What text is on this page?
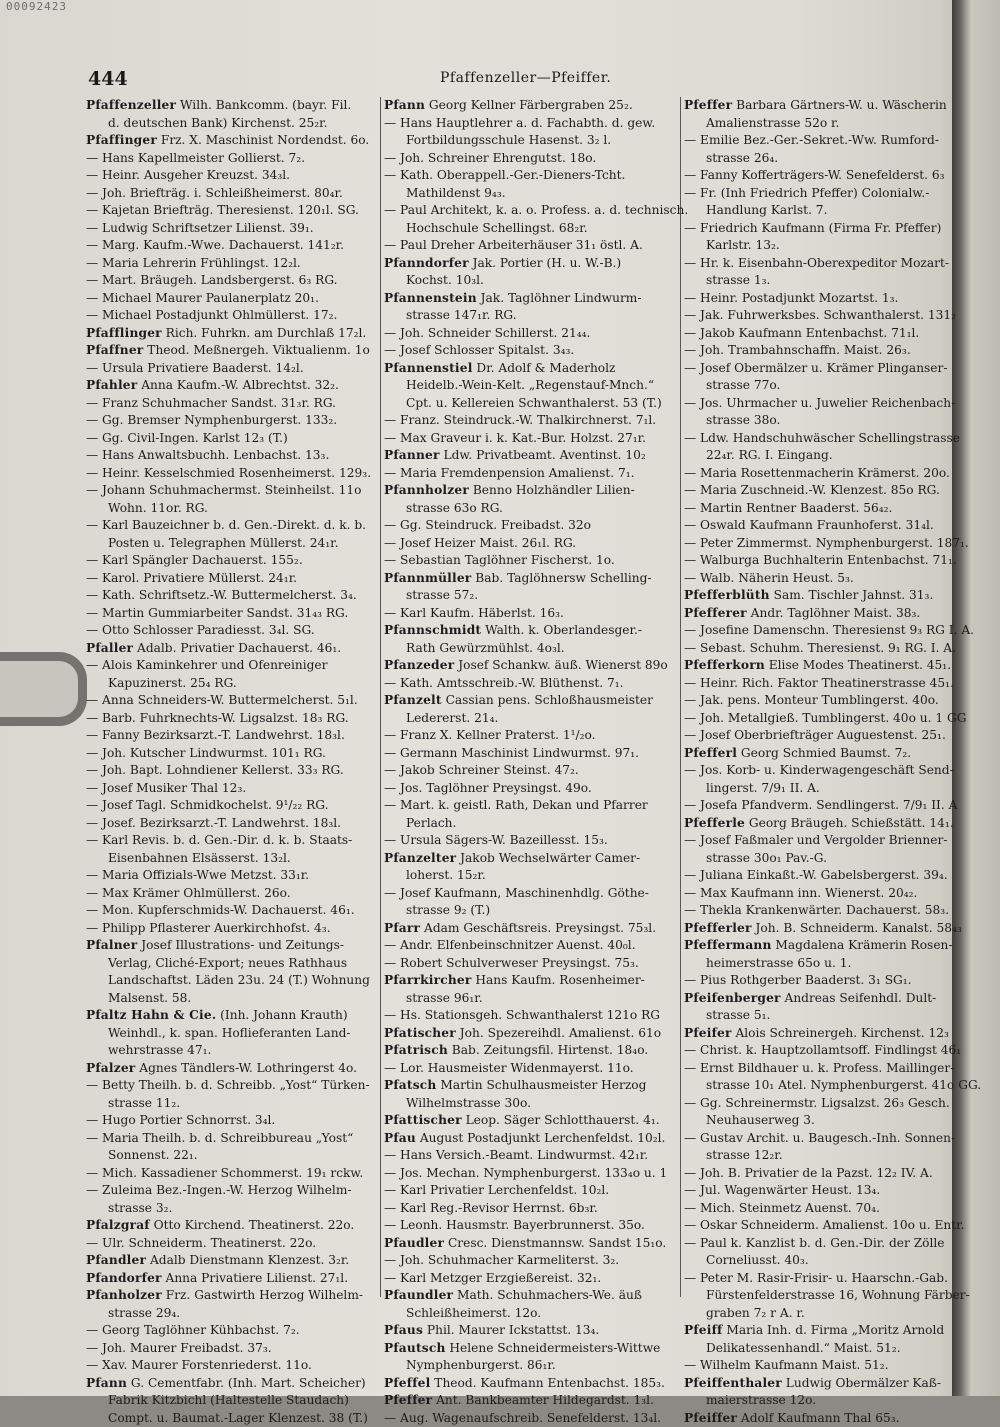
00092423
444	Pfaffenzeller—Pfeiffer.

Pfaffenzeller Wilh. Bankcomm. (bayr. Fil.

d. deutschen Bank) Kirchenst. 25₂r.

Pfaffinger Frz. X. Maschinist Nordendst. 6o.

— Hans Kapellmeister Gollierst. 7₂.

— Heinr. Ausgeher Kreuzst. 34₃l.

— Joh. Briefträg. i. Schleißheimerst. 80₄r.

— Kajetan Briefträg. Theresienst. 120₁l. SG.

— Ludwig Schriftsetzer Lilienst. 39₁.

— Marg. Kaufm.-Wwe. Dachauerst. 141₂r.

— Maria Lehrerin Frühlingst. 12₂l.

— Mart. Bräugeh. Landsbergerst. 6₃ RG.

— Michael Maurer Paulanerplatz 20₁.

— Michael Postadjunkt Ohlmüllerst. 17₂.

Pfafflinger Rich. Fuhrkn. am Durchlaß 17₂l.

Pfaffner Theod. Meßnergeh. Viktualienm. 1o

— Ursula Privatiere Baaderst. 14₂l.

Pfahler Anna Kaufm.-W. Albrechtst. 32₂.

— Franz Schuhmacher Sandst. 31₃r. RG.

— Gg. Bremser Nymphenburgerst. 133₂.

— Gg. Civil-Ingen. Karlst 12₃ (T.)

— Hans Anwaltsbuchh. Lenbachst. 13₃.

— Heinr. Kesselschmied Rosenheimerst. 129₃.

— Johann Schuhmachermst. Steinheilst. 11o

Wohn. 11or. RG.

— Karl Bauzeichner b. d. Gen.-Direkt. d. k. b.

Posten u. Telegraphen Müllerst. 24₁r.

— Karl Spängler Dachauerst. 155₂.

— Karol. Privatiere Müllerst. 24₁r.

— Kath. Schriftsetz.-W. Buttermelcherst. 3₄.

— Martin Gummiarbeiter Sandst. 31₄₃ RG.

— Otto Schlosser Paradiesst. 3₄l. SG.

Pfaller Adalb. Privatier Dachauerst. 46₁.

— Alois Kaminkehrer und Ofenreiniger

Kapuzinerst. 25₄ RG.

— Anna Schneiders-W. Buttermelcherst. 5₁l.

— Barb. Fuhrknechts-W. Ligsalzst. 18₃ RG.

— Fanny Bezirksarzt.-T. Landwehrst. 18₃l.

— Joh. Kutscher Lindwurmst. 101₁ RG.

— Joh. Bapt. Lohndiener Kellerst. 33₃ RG.

— Josef Musiker Thal 12₃.

— Josef Tagl. Schmidkochelst. 9¹/₂₂ RG.

— Josef. Bezirksarzt.-T. Landwehrst. 18₃l.

— Karl Revis. b. d. Gen.-Dir. d. k. b. Staats-

Eisenbahnen Elsässerst. 13₂l.

— Maria Offizials-Wwe Metzst. 33₁r.

— Max Krämer Ohlmüllerst. 26o.

— Mon. Kupferschmids-W. Dachauerst. 46₁.

— Philipp Pflasterer Auerkirchhofst. 4₃.

Pfalner Josef Illustrations- und Zeitungs-

Verlag, Cliché-Export; neues Rathhaus

Landschaftst. Läden 23u. 24 (T.) Wohnung

Malsenst. 58.

Pfaltz Hahn & Cie. (Inh. Johann Krauth)

Weinhdl., k. span. Hoflieferanten Land-

wehrstrasse 47₁.

Pfalzer Agnes Tändlers-W. Lothringerst 4o.

— Betty Theilh. b. d. Schreibb. „Yost“ Türken-

strasse 11₂.

— Hugo Portier Schnorrst. 3₄l.

— Maria Theilh. b. d. Schreibbureau „Yost“

Sonnenst. 22₁.

— Mich. Kassadiener Schommerst. 19₁ rckw.

— Zuleima Bez.-Ingen.-W. Herzog Wilhelm-

strasse 3₂.

Pfalzgraf Otto Kirchend. Theatinerst. 22o.

— Ulr. Schneiderm. Theatinerst. 22o.

Pfandler Adalb Dienstmann Klenzest. 3₂r.

Pfandorfer Anna Privatiere Lilienst. 27₁l.

Pfanholzer Frz. Gastwirth Herzog Wilhelm-

strasse 29₄.

— Georg Taglöhner Kühbachst. 7₂.

— Joh. Maurer Freibadst. 37₃.

— Xav. Maurer Forstenriederst. 11o.

Pfann G. Cementfabr. (Inh. Mart. Scheicher)

Fabrik Kitzbichl (Haltestelle Staudach)

Compt. u. Baumat.-Lager Klenzest. 38 (T.)

Pfann Georg Kellner Färbergraben 25₂.

— Hans Hauptlehrer a. d. Fachabth. d. gew.

Fortbildungsschule Hasenst. 3₂ l.

— Joh. Schreiner Ehrengutst. 18o.

— Kath. Oberappell.-Ger.-Dieners-Tcht.

Mathildenst 9₄₃.

— Paul Architekt, k. a. o. Profess. a. d. technisch.

Hochschule Schellingst. 68₂r.

— Paul Dreher Arbeiterhäuser 31₁ östl. A.

Pfanndorfer Jak. Portier (H. u. W.-B.)

Kochst. 10₃l.

Pfannenstein Jak. Taglöhner Lindwurm-

strasse 147₁r. RG.

— Joh. Schneider Schillerst. 21₄₄.

— Josef Schlosser Spitalst. 3₄₃.

Pfannenstiel Dr. Adolf & Maderholz

Heidelb.-Wein-Kelt. „Regenstauf-Mnch.“

Cpt. u. Kellereien Schwanthalerst. 53 (T.)

— Franz. Steindruck.-W. Thalkirchnerst. 7₁l.

— Max Graveur i. k. Kat.-Bur. Holzst. 27₁r.

Pfanner Ldw. Privatbeamt. Aventinst. 10₂

— Maria Fremdenpension Amalienst. 7₁.

Pfannholzer Benno Holzhändler Lilien-

strasse 63o RG.

— Gg. Steindruck. Freibadst. 32o

— Josef Heizer Maist. 26₁l. RG.

— Sebastian Taglöhner Fischerst. 1o.

Pfannmüller Bab. Taglöhnersw Schelling-

strasse 57₂.

— Karl Kaufm. Häberlst. 16₃.

Pfannschmidt Walth. k. Oberlandesger.-

Rath Gewürzmühlst. 4o₃l.

Pfanzeder Josef Schankw. äuß. Wienerst 89o

— Kath. Amtsschreib.-W. Blüthenst. 7₁.

Pfanzelt Cassian pens. Schloßhausmeister

Ledererst. 21₄.

— Franz X. Kellner Praterst. 1¹/₂o.

— Germann Maschinist Lindwurmst. 97₁.

— Jakob Schreiner Steinst. 47₂.

— Jos. Taglöhner Preysingst. 49o.

— Mart. k. geistl. Rath, Dekan und Pfarrer

Perlach.

— Ursula Sägers-W. Bazeillesst. 15₃.

Pfanzelter Jakob Wechselwärter Camer-

loherst. 15₂r.

— Josef Kaufmann, Maschinenhdlg. Göthe-

strasse 9₂ (T.)

Pfarr Adam Geschäftsreis. Preysingst. 75₃l.

— Andr. Elfenbeinschnitzer Auenst. 40₀l.

— Robert Schulverweser Preysingst. 75₃.

Pfarrkircher Hans Kaufm. Rosenheimer-

strasse 96₁r.

— Hs. Stationsgeh. Schwanthalerst 121o RG

Pfatischer Joh. Spezereihdl. Amalienst. 61o

Pfatrisch Bab. Zeitungsfil. Hirtenst. 18₄o.

— Lor. Hausmeister Widenmayerst. 11o.

Pfatsch Martin Schulhausmeister Herzog

Wilhelmstrasse 30o.

Pfattischer Leop. Säger Schlotthauerst. 4₁.

Pfau August Postadjunkt Lerchenfeldst. 10₂l.

— Hans Versich.-Beamt. Lindwurmst. 42₁r.

— Jos. Mechan. Nymphenburgerst. 133₄o u. 1

— Karl Privatier Lerchenfeldst. 10₂l.

— Karl Reg.-Revisor Herrnst. 6b₃r.

— Leonh. Hausmstr. Bayerbrunnerst. 35o.

Pfaudler Cresc. Dienstmannsw. Sandst 15₁o.

— Joh. Schuhmacher Karmeliterst. 3₂.

— Karl Metzger Erzgießereist. 32₁.

Pfaundler Math. Schuhmachers-We. äuß

Schleißheimerst. 12o.

Pfaus Phil. Maurer Ickstattst. 13₄.

Pfautsch Helene Schneidermeisters-Wittwe

Nymphenburgerst. 86₁r.

Pfeffel Theod. Kaufmann Entenbachst. 185₃.

Pfeffer Ant. Bankbeamter Hildegardst. 1₃l.

— Aug. Wagenaufschreib. Senefelderst. 13₄l.

Pfeffer Barbara Gärtners-W. u. Wäscherin

Amalienstrasse 52o r.

— Emilie Bez.-Ger.-Sekret.-Ww. Rumford-

strasse 26₄.

— Fanny Kofferträgers-W. Senefelderst. 6₃

— Fr. (Inh Friedrich Pfeffer) Colonialw.-

Handlung Karlst. 7.

— Friedrich Kaufmann (Firma Fr. Pfeffer)

Karlstr. 13₂.

— Hr. k. Eisenbahn-Oberexpeditor Mozart-

strasse 1₃.

— Heinr. Postadjunkt Mozartst. 1₃.

— Jak. Fuhrwerksbes. Schwanthalerst. 131₂

— Jakob Kaufmann Entenbachst. 71₁l.

— Joh. Trambahnschaffn. Maist. 26₃.

— Josef Obermälzer u. Krämer Plinganser-

strasse 77o.

— Jos. Uhrmacher u. Juwelier Reichenbach-

strasse 38o.

— Ldw. Handschuhwäscher Schellingstrasse

22₄r. RG. I. Eingang.

— Maria Rosettenmacherin Krämerst. 20o.

— Maria Zuschneid.-W. Klenzest. 85o RG.

— Martin Rentner Baaderst. 56₄₂.

— Oswald Kaufmann Fraunhoferst. 31₄l.

— Peter Zimmermst. Nymphenburgerst. 187₁.

— Walburga Buchhalterin Entenbachst. 71₁.

— Walb. Näherin Heust. 5₃.

Pfefferblüth Sam. Tischler Jahnst. 31₃.

Pfefferer Andr. Taglöhner Maist. 38₃.

— Josefine Damenschn. Theresienst 9₃ RG I. A.

— Sebast. Schuhm. Theresienst. 9₁ RG. I. A.

Pfefferkorn Elise Modes Theatinerst. 45₁.

— Heinr. Rich. Faktor Theatinerstrasse 45₁.

— Jak. pens. Monteur Tumblingerst. 40o.

— Joh. Metallgieß. Tumblingerst. 40o u. 1 GG

— Josef Oberbriefträger Auguestenst. 25₁.

Pfefferl Georg Schmied Baumst. 7₂.

— Jos. Korb- u. Kinderwagengeschäft Send-

lingerst. 7/9₁ II. A.

— Josefa Pfandverm. Sendlingerst. 7/9₁ II. A

Pfefferle Georg Bräugeh. Schießstätt. 14₁.

— Josef Faßmaler und Vergolder Brienner-

strasse 30o₁ Pav.-G.

— Juliana Einkaßt.-W. Gabelsbergerst. 39₄.

— Max Kaufmann inn. Wienerst. 20₄₂.

— Thekla Krankenwärter. Dachauerst. 58₃.

Pfefferler Joh. B. Schneiderm. Kanalst. 58₄₃

Pfeffermann Magdalena Krämerin Rosen-

heimerstrasse 65o u. 1.

— Pius Rothgerber Baaderst. 3₁ SG₁.

Pfeifenberger Andreas Seifenhdl. Dult-

strasse 5₁.

Pfeifer Alois Schreinergeh. Kirchenst. 12₃

— Christ. k. Hauptzollamtsoff. Findlingst 46₁

— Ernst Bildhauer u. k. Profess. Maillinger-

strasse 10₁ Atel. Nymphenburgerst. 41o GG.

— Gg. Schreinermstr. Ligsalzst. 26₃ Gesch.

Neuhauserweg 3.

— Gustav Archit. u. Baugesch.-Inh. Sonnen-

strasse 12₂r.

— Joh. B. Privatier de la Pazst. 12₂ IV. A.

— Jul. Wagenwärter Heust. 13₄.

— Mich. Steinmetz Auenst. 70₄.

— Oskar Schneiderm. Amalienst. 10o u. Entr.

— Paul k. Kanzlist b. d. Gen.-Dir. der Zölle

Corneliusst. 40₃.

— Peter M. Rasir-Frisir- u. Haarschn.-Gab.

Fürstenfelderstrasse 16, Wohnung Färber-

graben 7₂ r A. r.

Pfeiff Maria Inh. d. Firma „Moritz Arnold

Delikatessenhandl.“ Maist. 51₂.

— Wilhelm Kaufmann Maist. 51₂.

Pfeiffenthaler Ludwig Obermälzer Kaß-

maierstrasse 12o.

Pfeiffer Adolf Kaufmann Thal 65₃.
